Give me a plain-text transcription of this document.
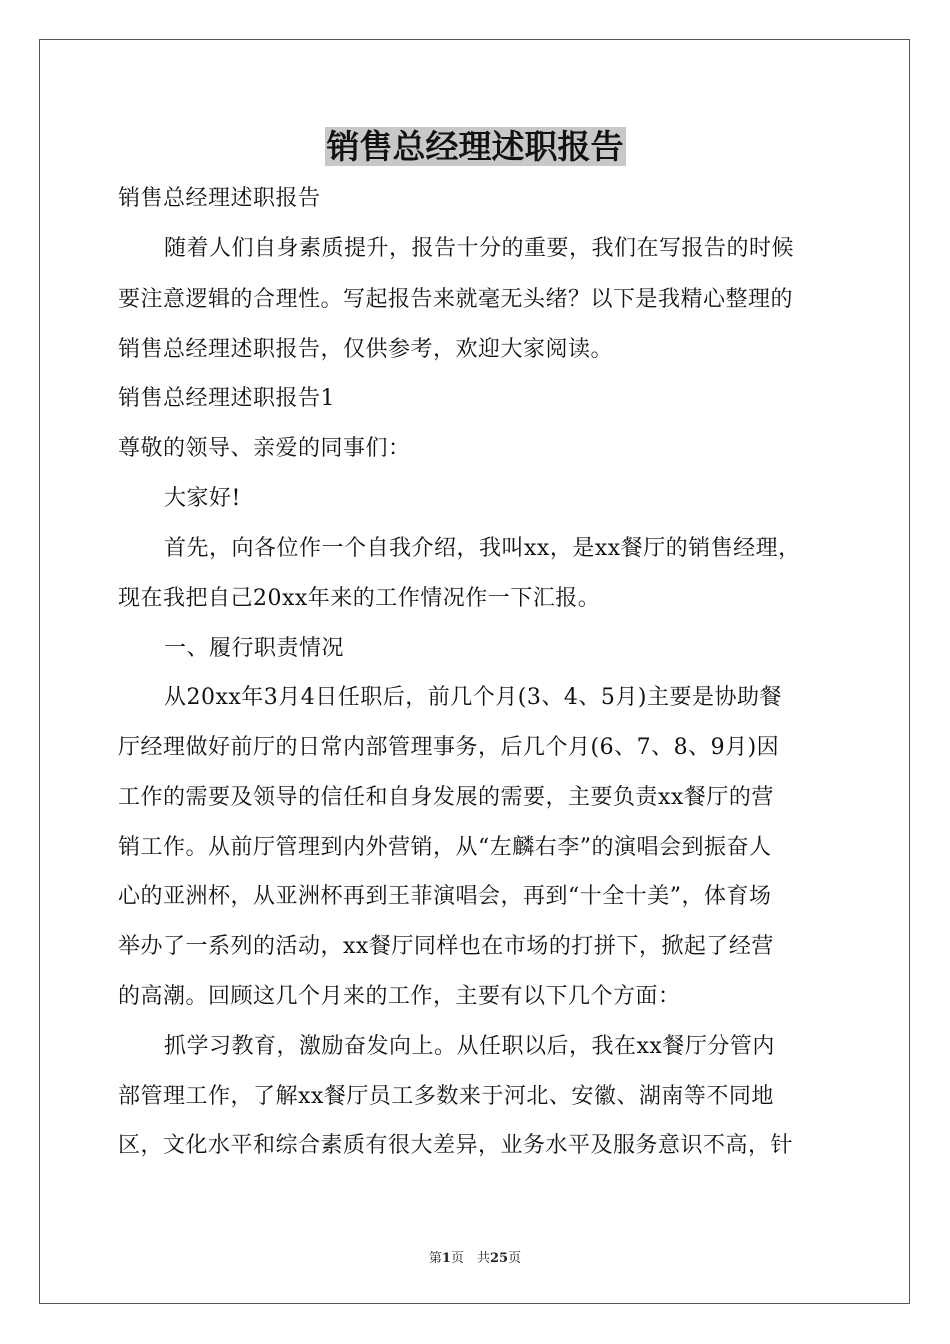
销售总经理述职报告
销售总经理述职报告
随着人们自身素质提升，报告十分的重要，我们在写报告的时候
要注意逻辑的合理性。写起报告来就毫无头绪？以下是我精心整理的
销售总经理述职报告，仅供参考，欢迎大家阅读。
销售总经理述职报告1
尊敬的领导、亲爱的同事们：
大家好!
首先，向各位作一个自我介绍，我叫xx，是xx餐厅的销售经理，
现在我把自己20xx年来的工作情况作一下汇报。
一、履行职责情况
从20xx年3月4日任职后，前几个月(3、4、5月)主要是协助餐
厅经理做好前厅的日常内部管理事务，后几个月(6、7、8、9月)因
工作的需要及领导的信任和自身发展的需要，主要负责xx餐厅的营
销工作。从前厅管理到内外营销，从“左麟右李”的演唱会到振奋人
心的亚洲杯，从亚洲杯再到王菲演唱会，再到“十全十美”，体育场
举办了一系列的活动，xx餐厅同样也在市场的打拼下，掀起了经营
的高潮。回顾这几个月来的工作，主要有以下几个方面：
抓学习教育，激励奋发向上。从任职以后，我在xx餐厅分管内
部管理工作，了解xx餐厅员工多数来于河北、安徽、湖南等不同地
区，文化水平和综合素质有很大差异，业务水平及服务意识不高，针
第1页　共25页
